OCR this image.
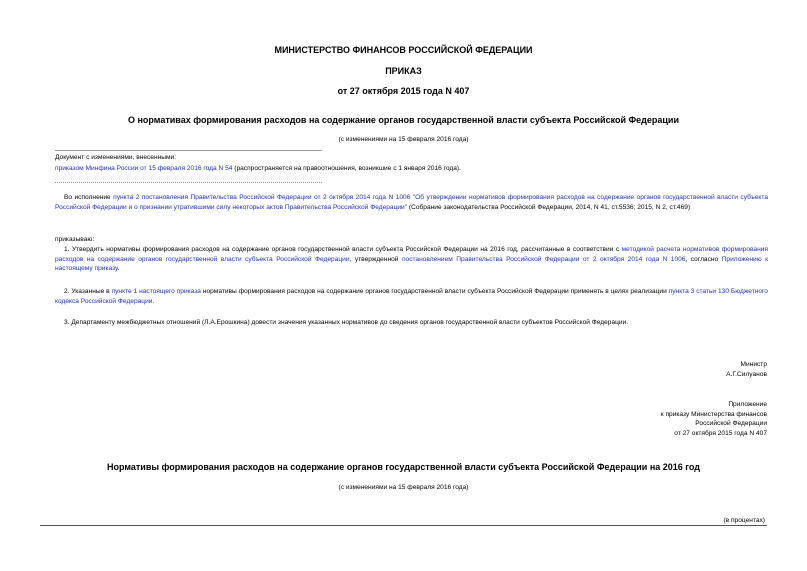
МИНИСТЕРСТВО ФИНАНСОВ РОССИЙСКОЙ ФЕДЕРАЦИИ
ПРИКАЗ
от 27 октября 2015 года N 407
О нормативах формирования расходов на содержание органов государственной власти субъекта Российской Федерации
(с изменениями на 15 февраля 2016 года)
Документ с изменениями, внесенными:
приказом Минфина России от 15 февраля 2016 года N 54 (распространяется на правоотношения, возникшие с 1 января 2016 года).
Во исполнение пункта 2 постановления Правительства Российской Федерации от 2 октября 2014 года N 1006 "Об утверждении нормативов формирования расходов на содержание органов государственной власти субъекта Российской Федерации и о признании утратившими силу некоторых актов Правительства Российской Федерации" (Собрание законодательства Российской Федерации, 2014, N 41, ст.5536; 2015, N 2, ст.469)
приказываю:
1. Утвердить нормативы формирования расходов на содержание органов государственной власти субъекта Российской Федерации на 2016 год, рассчитанные в соответствии с методикой расчета нормативов формирования расходов на содержание органов государственной власти субъекта Российской Федерации, утвержденной постановлением Правительства Российской Федерации от 2 октября 2014 года N 1006, согласно Приложению к настоящему приказу.
2. Указанные в пункте 1 настоящего приказа нормативы формирования расходов на содержание органов государственной власти субъекта Российской Федерации применять в целях реализации пункта 3 статьи 130 Бюджетного кодекса Российской Федерации.
3. Департаменту межбюджетных отношений (Л.А.Ерошкина) довести значения указанных нормативов до сведения органов государственной власти субъектов Российской Федерации.
Министр
А.Г.Силуанов
Приложение
к приказу Министерства финансов
Российской Федерации
от 27 октября 2015 года N 407
Нормативы формирования расходов на содержание органов государственной власти субъекта Российской Федерации на 2016 год
(с изменениями на 15 февраля 2016 года)
(в процентах)
